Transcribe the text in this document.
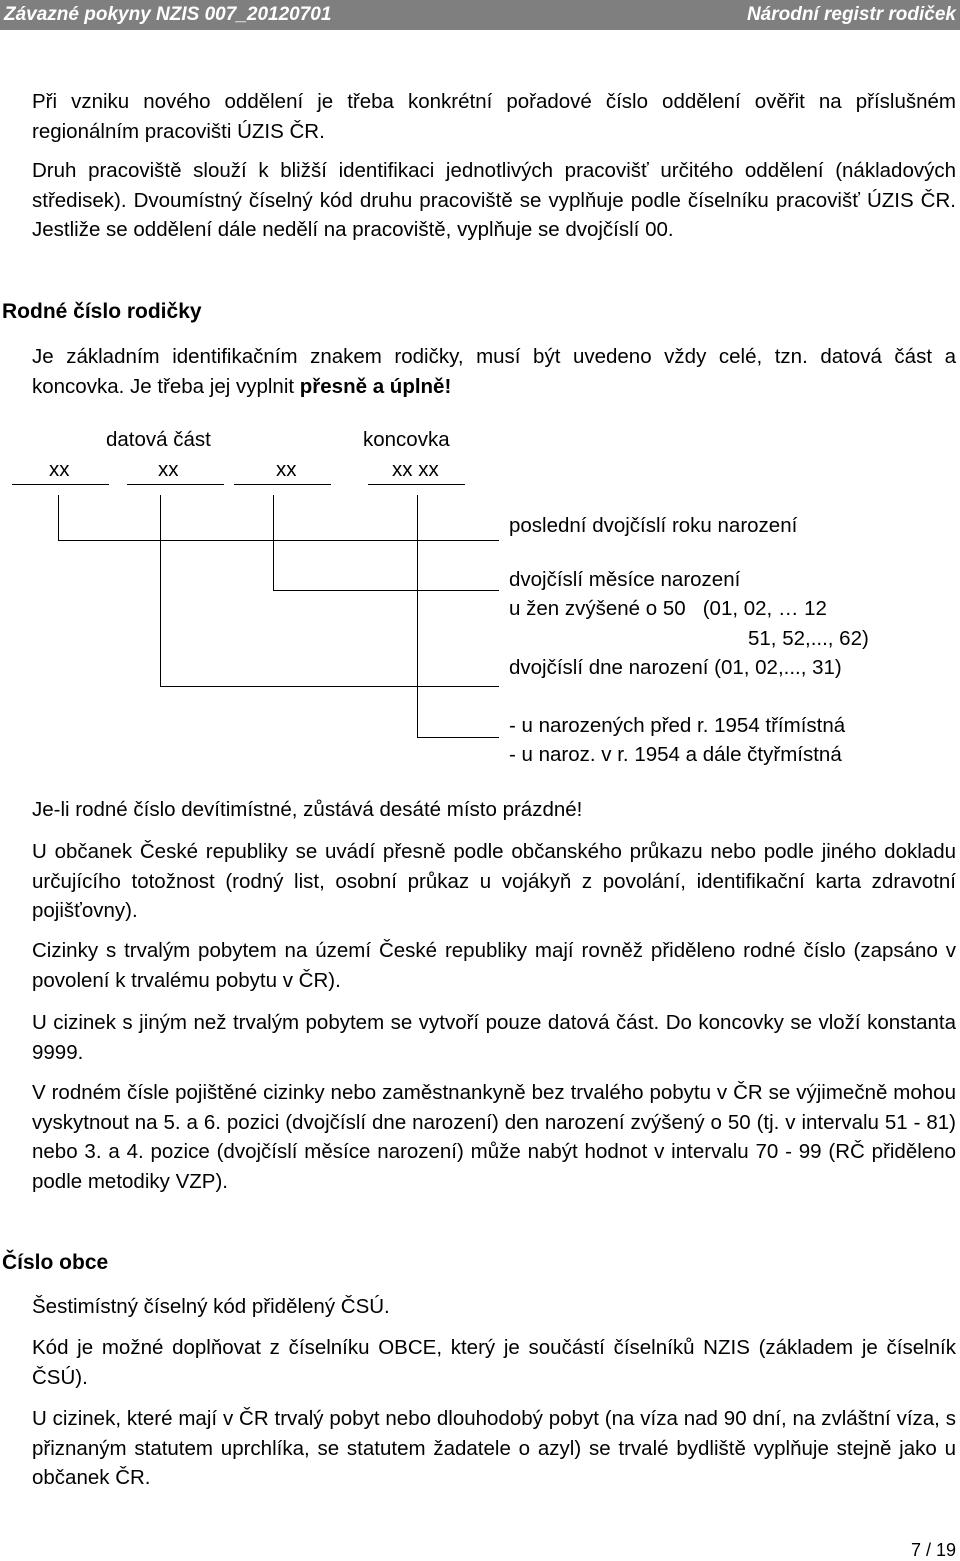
Závazné pokyny NZIS 007_20120701	Národní registr rodiček

Při vzniku nového oddělení je třeba konkrétní pořadové číslo oddělení ověřit na příslušném regionálním pracovišti ÚZIS ČR.

Druh pracoviště slouží k bližší identifikaci jednotlivých pracovišť určitého oddělení (nákladových středisek). Dvoumístný číselný kód druhu pracoviště se vyplňuje podle číselníku pracovišť ÚZIS ČR. Jestliže se oddělení dále nedělí na pracoviště, vyplňuje se dvojčíslí 00.

Rodné číslo rodičky

Je základním identifikačním znakem rodičky, musí být uvedeno vždy celé, tzn. datová část a koncovka. Je třeba jej vyplnit přesně a úplně!

datová část	koncovka
xx	xx	xx	xx xx
poslední dvojčíslí roku narození
dvojčíslí měsíce narození
u žen zvýšené o 50   (01, 02, … 12
51, 52,..., 62)
dvojčíslí dne narození (01, 02,..., 31)
- u narozených před r. 1954 třímístná
- u naroz. v r. 1954 a dále čtyřmístná

Je-li rodné číslo devítimístné, zůstává desáté místo prázdné!

U občanek České republiky se uvádí přesně podle občanského průkazu nebo podle jiného dokladu určujícího totožnost (rodný list, osobní průkaz u vojákyň z povolání, identifikační karta zdravotní pojišťovny).

Cizinky s trvalým pobytem na území České republiky mají rovněž přiděleno rodné číslo (zapsáno v povolení k trvalému pobytu v ČR).

U cizinek s jiným než trvalým pobytem se vytvoří pouze datová část. Do koncovky se vloží konstanta 9999.

V rodném čísle pojištěné cizinky nebo zaměstnankyně bez trvalého pobytu v ČR se výjimečně mohou vyskytnout na 5. a 6. pozici (dvojčíslí dne narození) den narození zvýšený o 50 (tj. v intervalu 51 - 81) nebo 3. a 4. pozice (dvojčíslí měsíce narození) může nabýt hodnot v intervalu 70 - 99 (RČ přiděleno podle metodiky VZP).

Číslo obce

Šestimístný číselný kód přidělený ČSÚ.

Kód je možné doplňovat z číselníku OBCE, který je součástí číselníků NZIS (základem je číselník ČSÚ).

U cizinek, které mají v ČR trvalý pobyt nebo dlouhodobý pobyt (na víza nad 90 dní, na zvláštní víza, s přiznaným statutem uprchlíka, se statutem žadatele o azyl) se trvalé bydliště vyplňuje stejně jako u občanek ČR.

7 / 19
